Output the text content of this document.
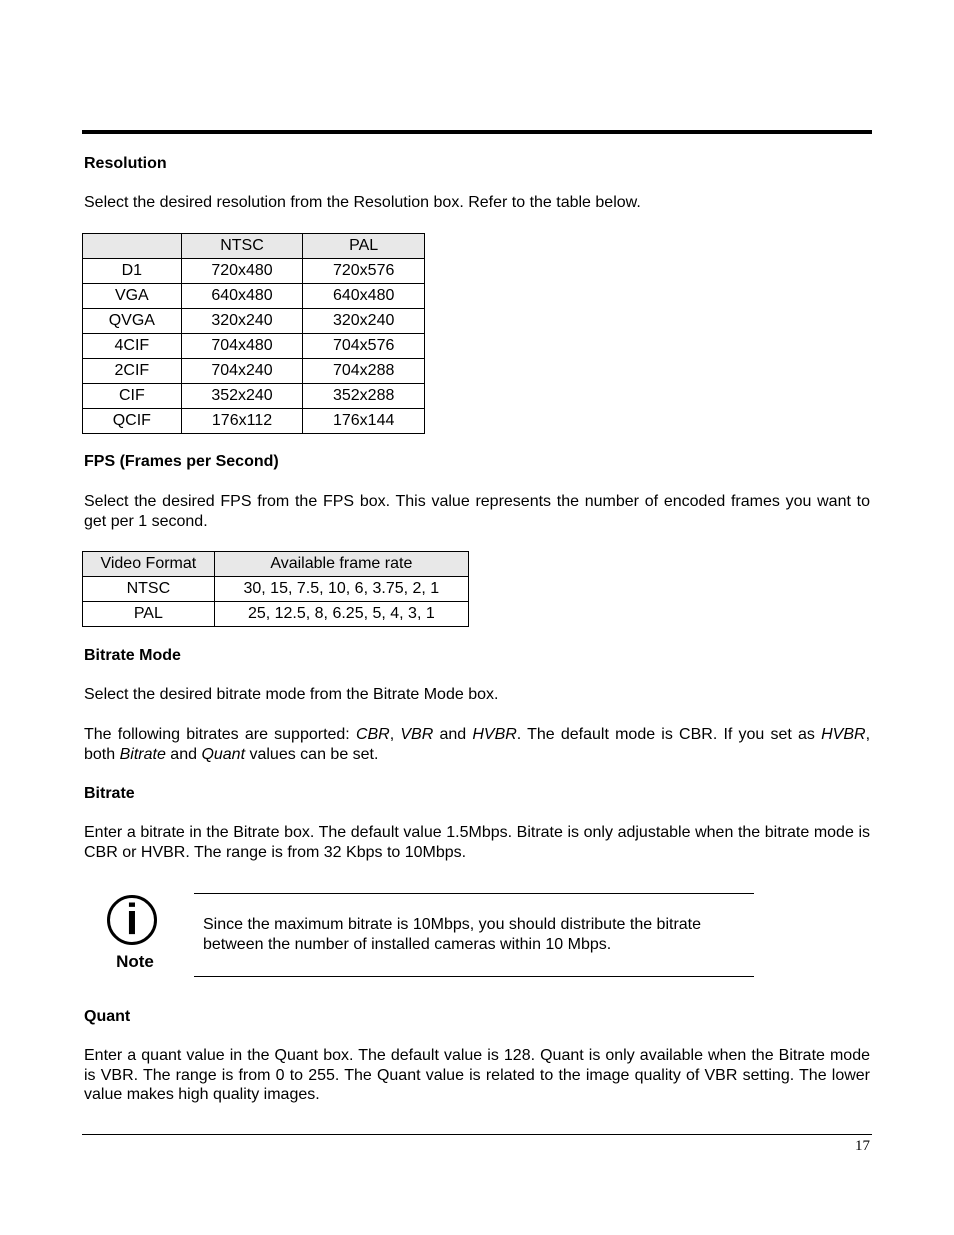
Resolution

Select the desired resolution from the Resolution box. Refer to the table below.

	NTSC	PAL
D1	720x480	720x576
VGA	640x480	640x480
QVGA	320x240	320x240
4CIF	704x480	704x576
2CIF	704x240	704x288
CIF	352x240	352x288
QCIF	176x112	176x144
FPS (Frames per Second)

Select the desired FPS from the FPS box. This value represents the number of encoded frames you want to get per 1 second.

Video Format	Available frame rate
NTSC	30, 15, 7.5, 10, 6, 3.75, 2, 1
PAL	25, 12.5, 8, 6.25, 5, 4, 3, 1
Bitrate Mode

Select the desired bitrate mode from the Bitrate Mode box.

The following bitrates are supported: CBR, VBR and HVBR. The default mode is CBR. If you set as HVBR, both Bitrate and Quant values can be set.

Bitrate

Enter a bitrate in the Bitrate box. The default value 1.5Mbps. Bitrate is only adjustable when the bitrate mode is CBR or HVBR. The range is from 32 Kbps to 10Mbps.

i
Note

Since the maximum bitrate is 10Mbps, you should distribute the bitrate between the number of installed cameras within 10 Mbps.

Quant

Enter a quant value in the Quant box. The default value is 128. Quant is only available when the Bitrate mode is VBR. The range is from 0 to 255. The Quant value is related to the image quality of VBR setting. The lower value makes high quality images.

17
